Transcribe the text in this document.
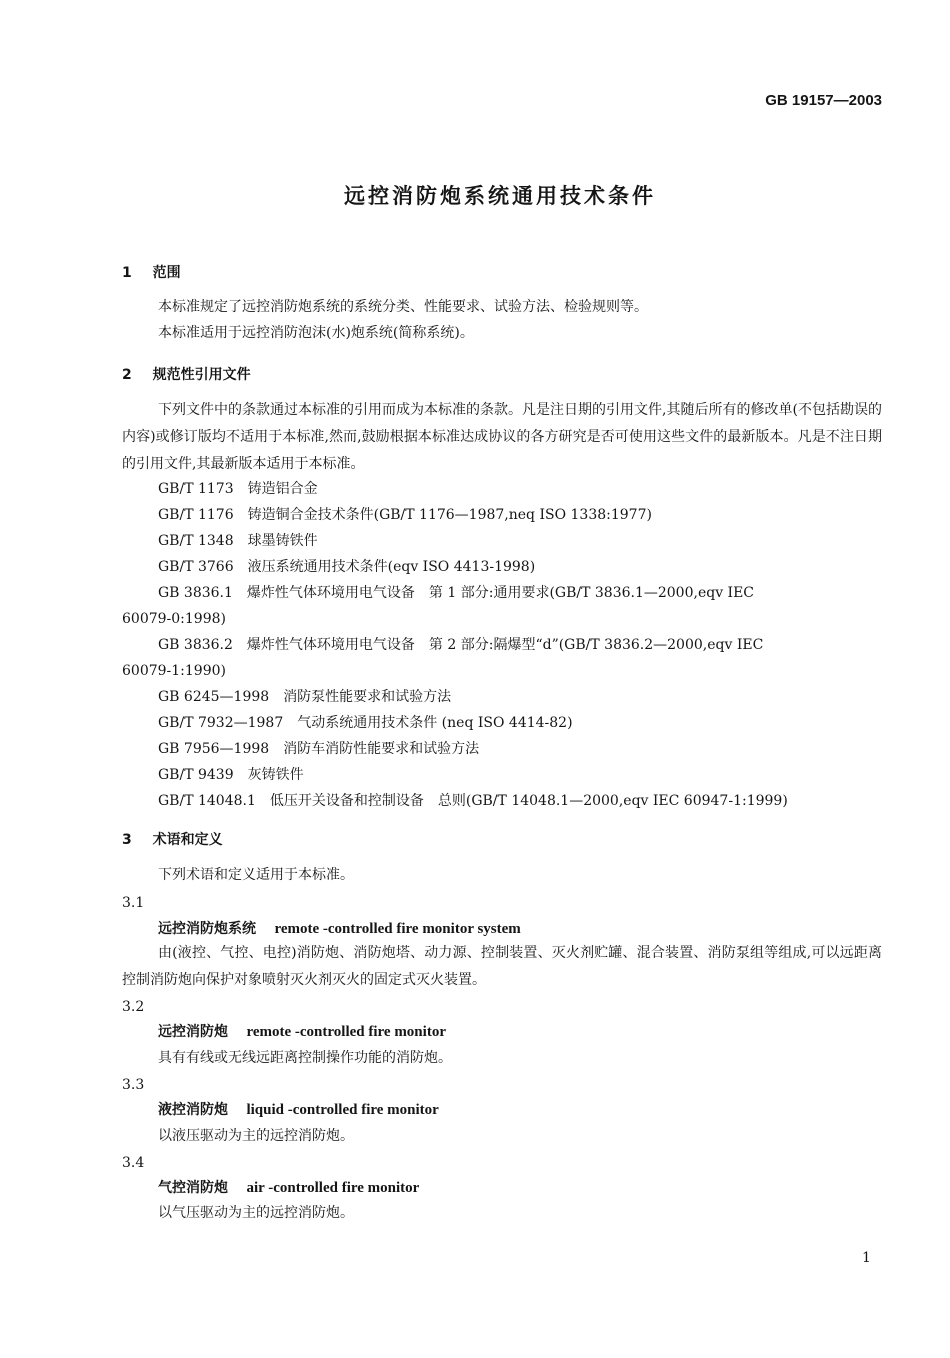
GB 19157—2003
远控消防炮系统通用技术条件
1 范围
本标准规定了远控消防炮系统的系统分类、性能要求、试验方法、检验规则等。
本标准适用于远控消防泡沫(水)炮系统(简称系统)。
2 规范性引用文件
下列文件中的条款通过本标准的引用而成为本标准的条款。凡是注日期的引用文件,其随后所有的修改单(不包括勘误的内容)或修订版均不适用于本标准,然而,鼓励根据本标准达成协议的各方研究是否可使用这些文件的最新版本。凡是不注日期的引用文件,其最新版本适用于本标准。
GB/T 1173 铸造铝合金
GB/T 1176 铸造铜合金技术条件(GB/T 1176—1987,neq ISO 1338:1977)
GB/T 1348 球墨铸铁件
GB/T 3766 液压系统通用技术条件(eqv ISO 4413-1998)
GB 3836.1 爆炸性气体环境用电气设备　第 1 部分:通用要求(GB/T 3836.1—2000,eqv IEC
60079-0:1998)
GB 3836.2 爆炸性气体环境用电气设备　第 2 部分:隔爆型“d”(GB/T 3836.2—2000,eqv IEC
60079-1:1990)
GB 6245—1998 消防泵性能要求和试验方法
GB/T 7932—1987 气动系统通用技术条件 (neq ISO 4414-82)
GB 7956—1998 消防车消防性能要求和试验方法
GB/T 9439 灰铸铁件
GB/T 14048.1 低压开关设备和控制设备　总则(GB/T 14048.1—2000,eqv IEC 60947-1:1999)
3 术语和定义
下列术语和定义适用于本标准。
3.1
远控消防炮系统 remote -controlled fire monitor system
由(液控、气控、电控)消防炮、消防炮塔、动力源、控制装置、灭火剂贮罐、混合装置、消防泵组等组成,可以远距离控制消防炮向保护对象喷射灭火剂灭火的固定式灭火装置。
3.2
远控消防炮 remote -controlled fire monitor
具有有线或无线远距离控制操作功能的消防炮。
3.3
液控消防炮 liquid -controlled fire monitor
以液压驱动为主的远控消防炮。
3.4
气控消防炮 air -controlled fire monitor
以气压驱动为主的远控消防炮。
1
